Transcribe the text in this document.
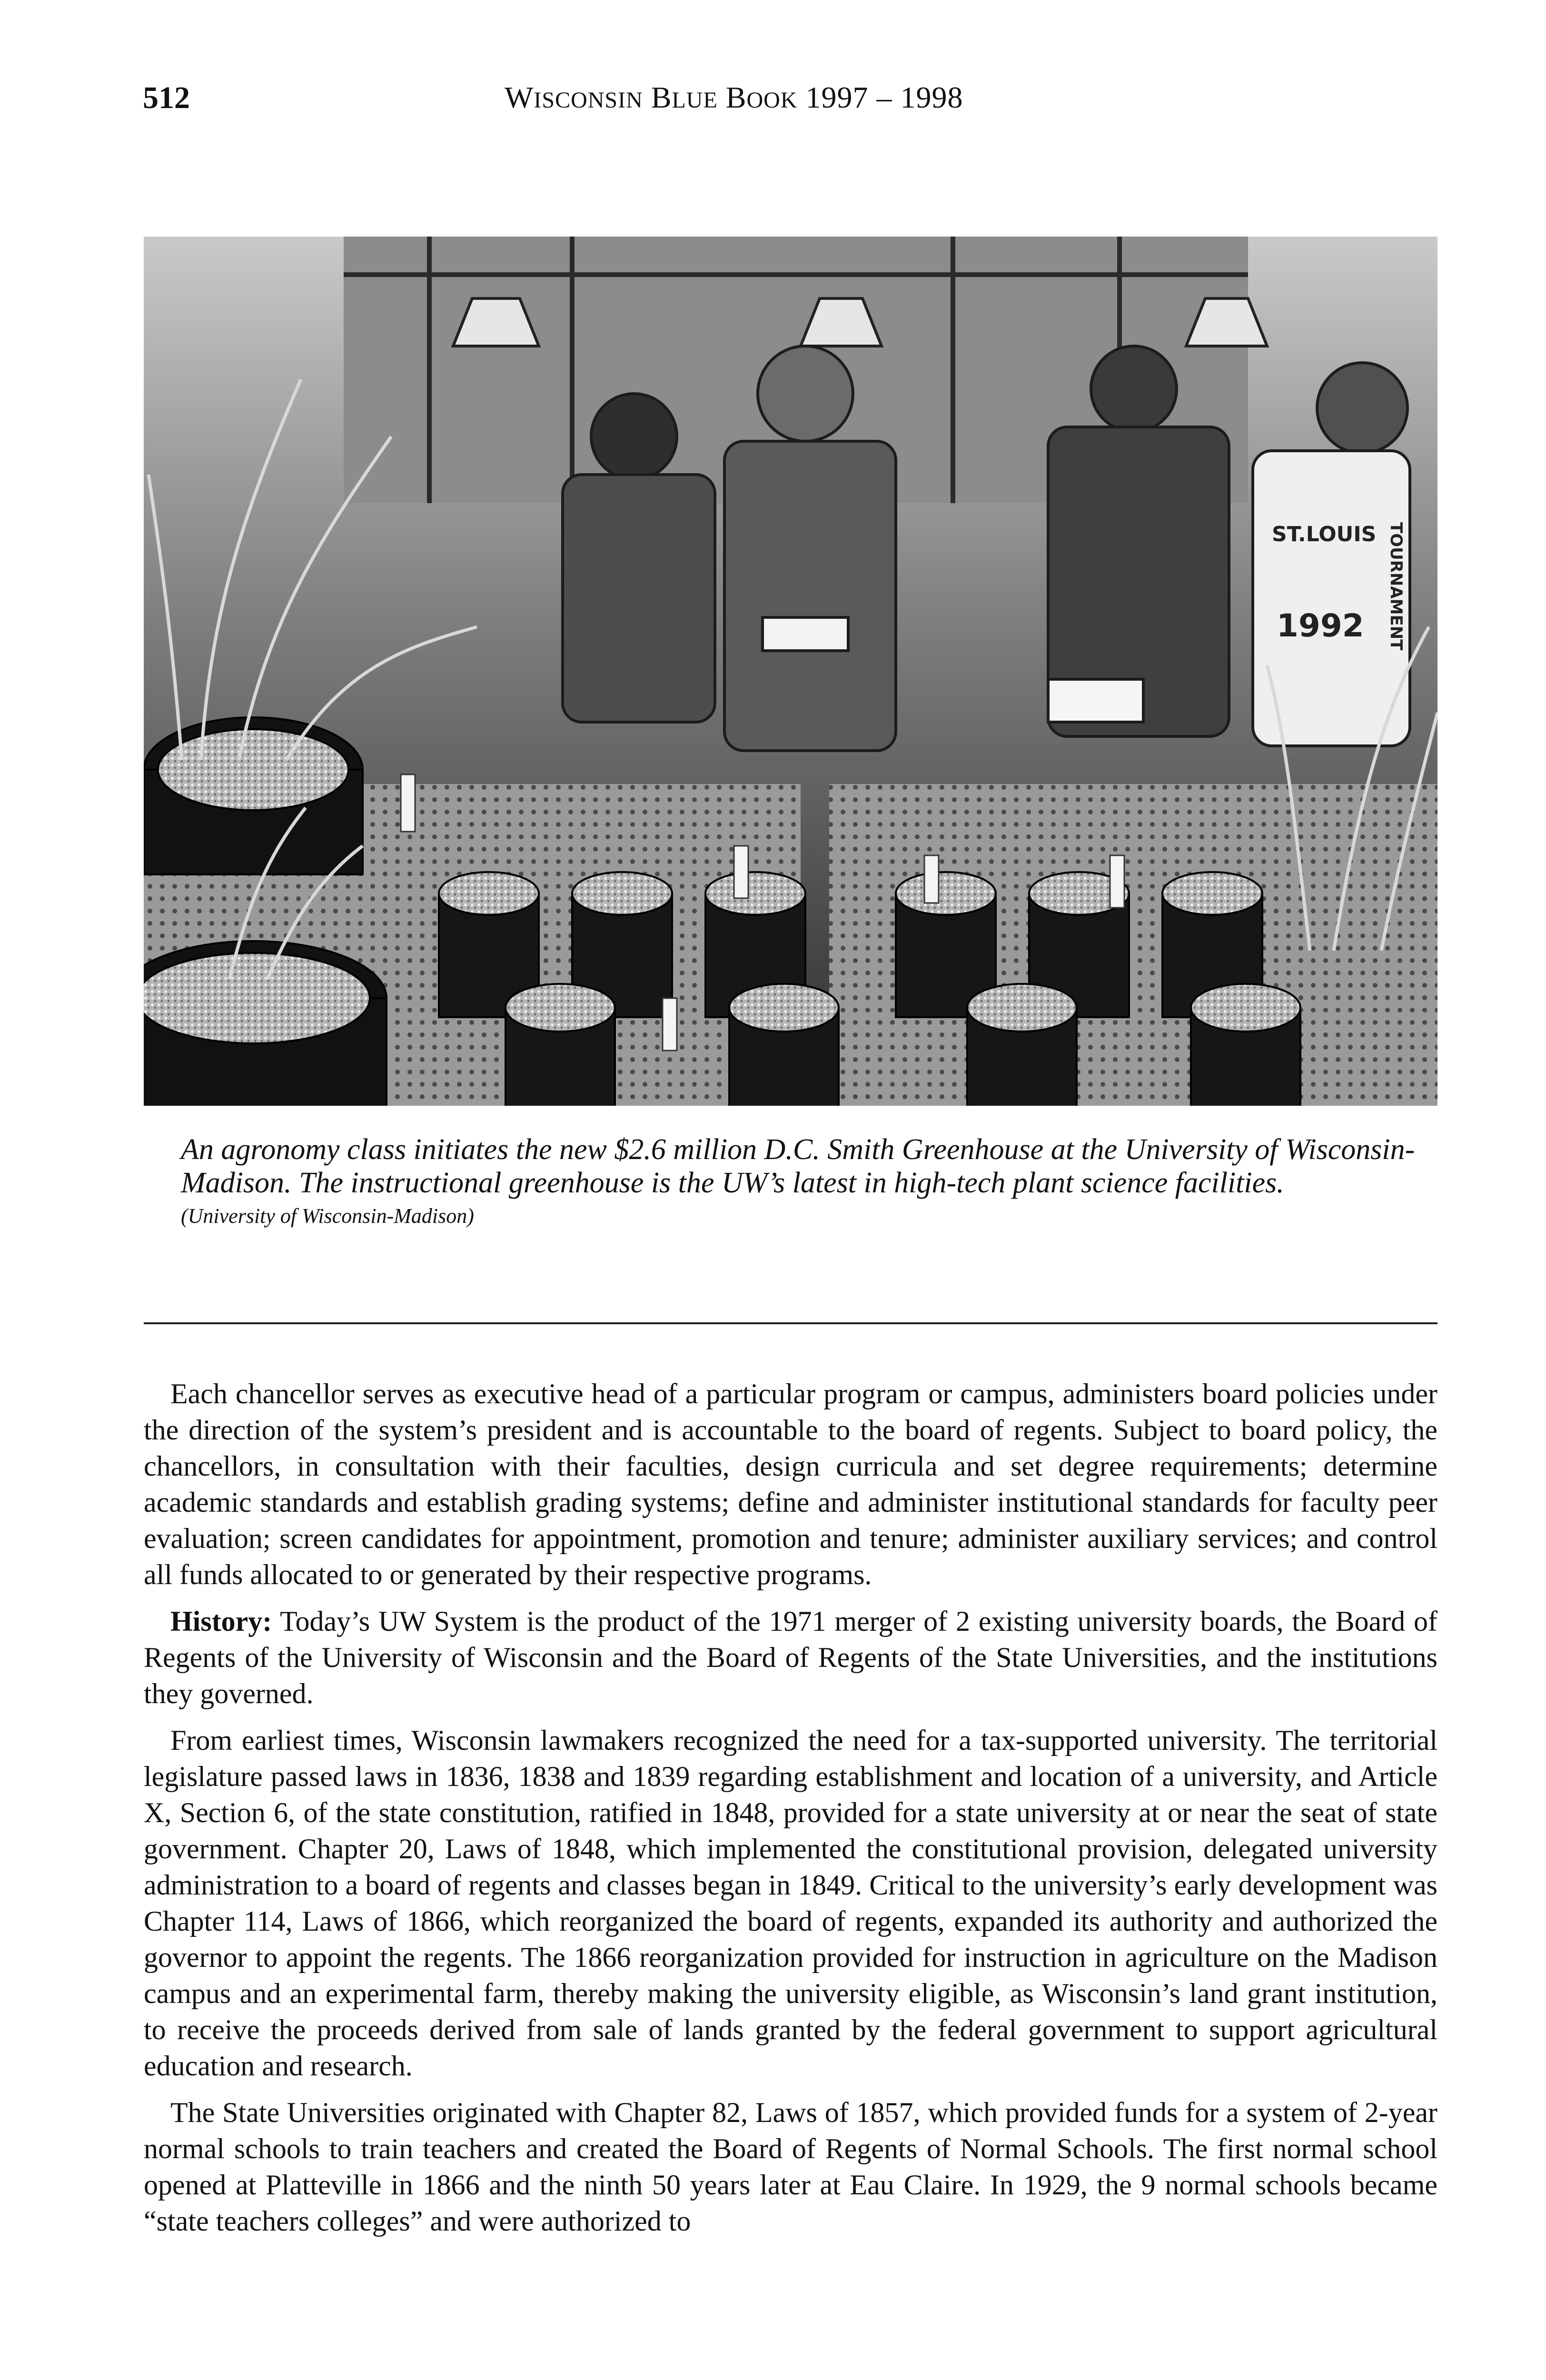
512	WISCONSIN BLUE BOOK 1997 – 1998
ST.LOUIS
1992 TOURNAMENT
An agronomy class initiates the new $2.6 million D.C. Smith Greenhouse at the University of Wisconsin-Madison. The instructional greenhouse is the UW’s latest in high-tech plant science facilities.
(University of Wisconsin-Madison)

Each chancellor serves as executive head of a particular program or campus, administers board policies under the direction of the system’s president and is accountable to the board of regents. Subject to board policy, the chancellors, in consultation with their faculties, design curricula and set degree requirements; determine academic standards and establish grading systems; define and administer institutional standards for faculty peer evaluation; screen candidates for appointment, promotion and tenure; administer auxiliary services; and control all funds allocated to or generated by their respective programs.

History: Today’s UW System is the product of the 1971 merger of 2 existing university boards, the Board of Regents of the University of Wisconsin and the Board of Regents of the State Universities, and the institutions they governed.

From earliest times, Wisconsin lawmakers recognized the need for a tax-supported university. The territorial legislature passed laws in 1836, 1838 and 1839 regarding establishment and location of a university, and Article X, Section 6, of the state constitution, ratified in 1848, provided for a state university at or near the seat of state government. Chapter 20, Laws of 1848, which implemented the constitutional provision, delegated university administration to a board of regents and classes began in 1849. Critical to the university’s early development was Chapter 114, Laws of 1866, which reorganized the board of regents, expanded its authority and authorized the governor to appoint the regents. The 1866 reorganization provided for instruction in agriculture on the Madison campus and an experimental farm, thereby making the university eligible, as Wisconsin’s land grant institution, to receive the proceeds derived from sale of lands granted by the federal government to support agricultural education and research.

The State Universities originated with Chapter 82, Laws of 1857, which provided funds for a system of 2-year normal schools to train teachers and created the Board of Regents of Normal Schools. The first normal school opened at Platteville in 1866 and the ninth 50 years later at Eau Claire. In 1929, the 9 normal schools became “state teachers colleges” and were authorized to
